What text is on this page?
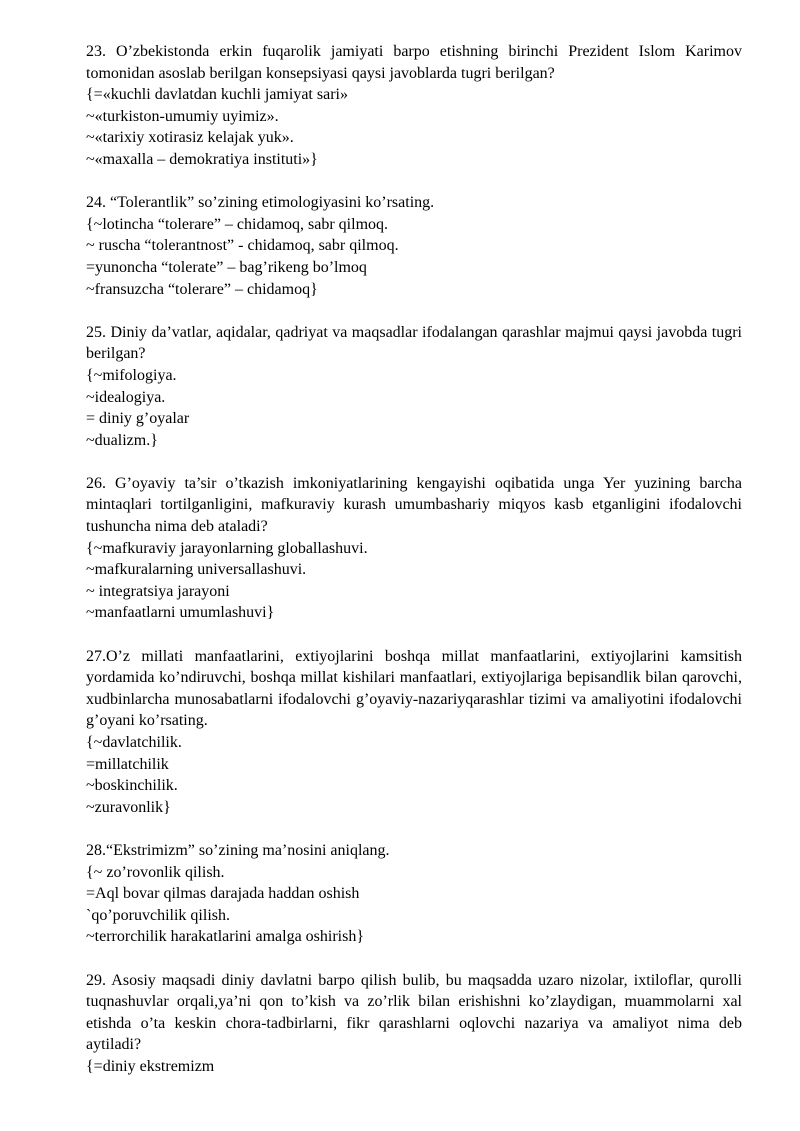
23. O’zbekistonda erkin fuqarolik jamiyati barpo etishning birinchi Prezident Islom Karimov tomonidan asoslab berilgan konsepsiyasi qaysi javoblarda tugri berilgan?
{=«kuchli davlatdan kuchli jamiyat sari»
~«turkiston-umumiy uyimiz».
~«tarixiy xotirasiz kelajak yuk».
~«maxalla – demokratiya instituti»}
24. “Tolerantlik” so’zining etimologiyasini ko’rsating.
{~lotincha “tolerare” – chidamoq, sabr qilmoq.
~ ruscha “tolerantnost” - chidamoq, sabr qilmoq.
=yunoncha “tolerate” – bag’rikeng bo’lmoq
~fransuzcha “tolerare” – chidamoq}
25. Diniy da’vatlar, aqidalar, qadriyat va maqsadlar ifodalangan qarashlar majmui qaysi javobda tugri berilgan?
{~mifologiya.
~idealogiya.
= diniy g’oyalar
~dualizm.}
26. G’oyaviy ta’sir o’tkazish imkoniyatlarining kengayishi oqibatida unga Yer yuzining barcha mintaqlari tortilganligini, mafkuraviy kurash umumbashariy miqyos kasb etganligini ifodalovchi tushuncha nima deb ataladi?
{~mafkuraviy jarayonlarning globallashuvi.
~mafkuralarning universallashuvi.
~ integratsiya jarayoni
~manfaatlarni umumlashuvi}
27.O’z millati manfaatlarini, extiyojlarini boshqa millat manfaatlarini, extiyojlarini kamsitish yordamida ko’ndiruvchi, boshqa millat kishilari manfaatlari, extiyojlariga bepisandlik bilan qarovchi, xudbinlarcha munosabatlarni ifodalovchi g’oyaviy-nazariyqarashlar tizimi va amaliyotini ifodalovchi g’oyani ko’rsating.
{~davlatchilik.
=millatchilik
~boskinchilik.
~zuravonlik}
28.“Ekstrimizm” so’zining ma’nosini aniqlang.
{~ zo’rovonlik qilish.
=Aql bovar qilmas darajada haddan oshish
`qo’poruvchilik qilish.
~terrorchilik harakatlarini amalga oshirish}
29. Asosiy maqsadi diniy davlatni barpo qilish bulib, bu maqsadda uzaro nizolar, ixtiloflar, qurolli tuqnashuvlar orqali,ya’ni qon to’kish va zo’rlik bilan erishishni ko’zlaydigan, muammolarni xal etishda o’ta keskin chora-tadbirlarni, fikr qarashlarni oqlovchi nazariya va amaliyot nima deb aytiladi?
{=diniy ekstremizm
